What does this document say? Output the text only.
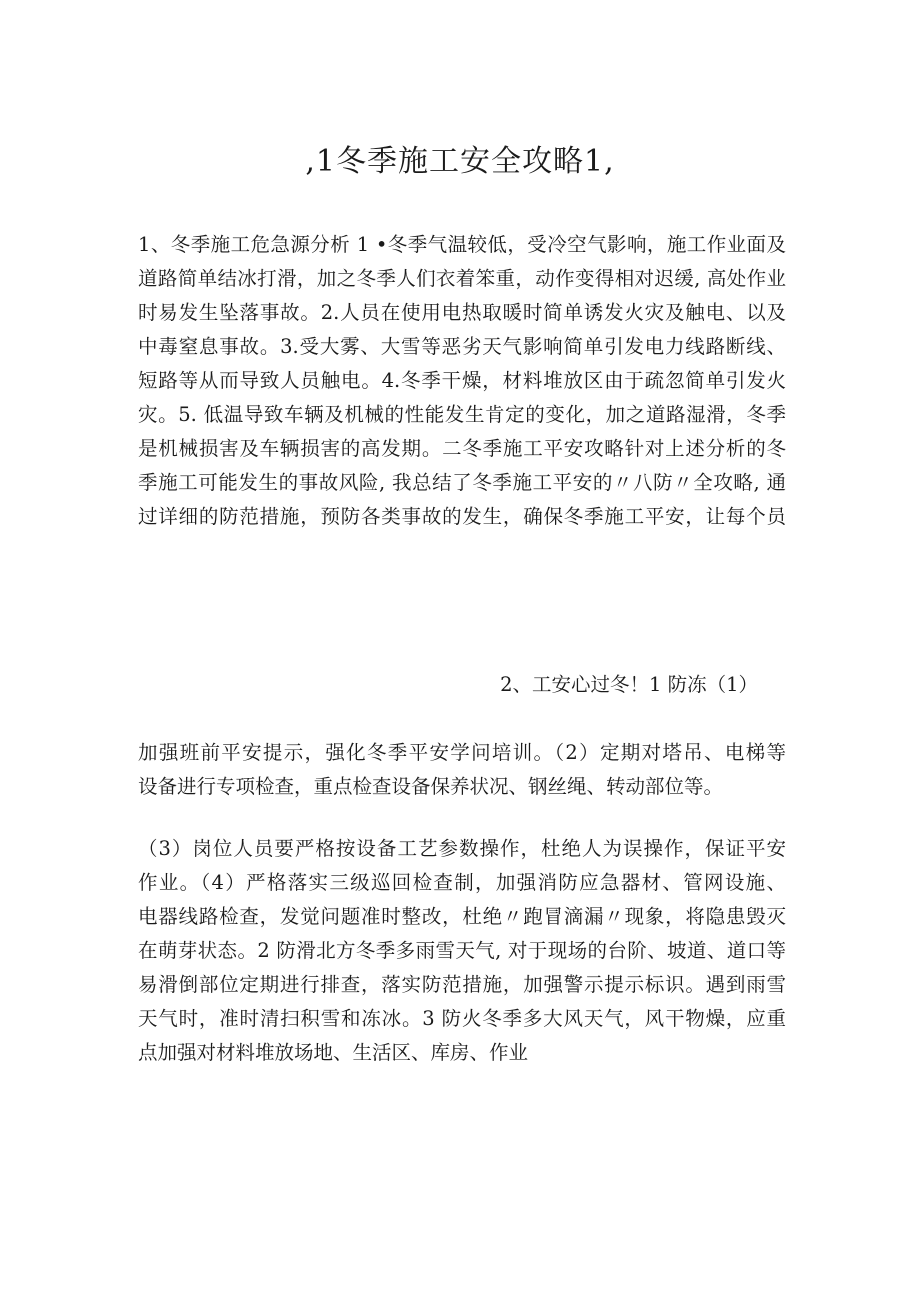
,1冬季施工安全攻略1,
1、冬季施工危急源分析 1 •冬季气温较低，受冷空气影响，施工作业面及
道路简单结冰打滑，加之冬季人们衣着笨重，动作变得相对迟缓, 高处作业
时易发生坠落事故。2.人员在使用电热取暖时简单诱发火灾及触电、以及
中毒窒息事故。3.受大雾、大雪等恶劣天气影响简单引发电力线路断线、
短路等从而导致人员触电。4.冬季干燥，材料堆放区由于疏忽简单引发火
灾。5. 低温导致车辆及机械的性能发生肯定的变化，加之道路湿滑，冬季
是机械损害及车辆损害的高发期。二冬季施工平安攻略针对上述分析的冬
季施工可能发生的事故风险, 我总结了冬季施工平安的〃八防〃全攻略, 通
过详细的防范措施，预防各类事故的发生，确保冬季施工平安，让每个员

2、工安心过冬！1 防冻（1）

加强班前平安提示，强化冬季平安学问培训。（2）定期对塔吊、电梯等
设备进行专项检查，重点检查设备保养状况、钢丝绳、转动部位等。
（3）岗位人员要严格按设备工艺参数操作，杜绝人为误操作，保证平安
作业。（4）严格落实三级巡回检查制，加强消防应急器材、管网设施、
电器线路检查，发觉问题准时整改，杜绝〃跑冒滴漏〃现象，将隐患毁灭
在萌芽状态。2 防滑北方冬季多雨雪天气, 对于现场的台阶、坡道、道口等
易滑倒部位定期进行排查，落实防范措施，加强警示提示标识。遇到雨雪
天气时，准时清扫积雪和冻冰。3 防火冬季多大风天气，风干物燥，应重
点加强对材料堆放场地、生活区、库房、作业
